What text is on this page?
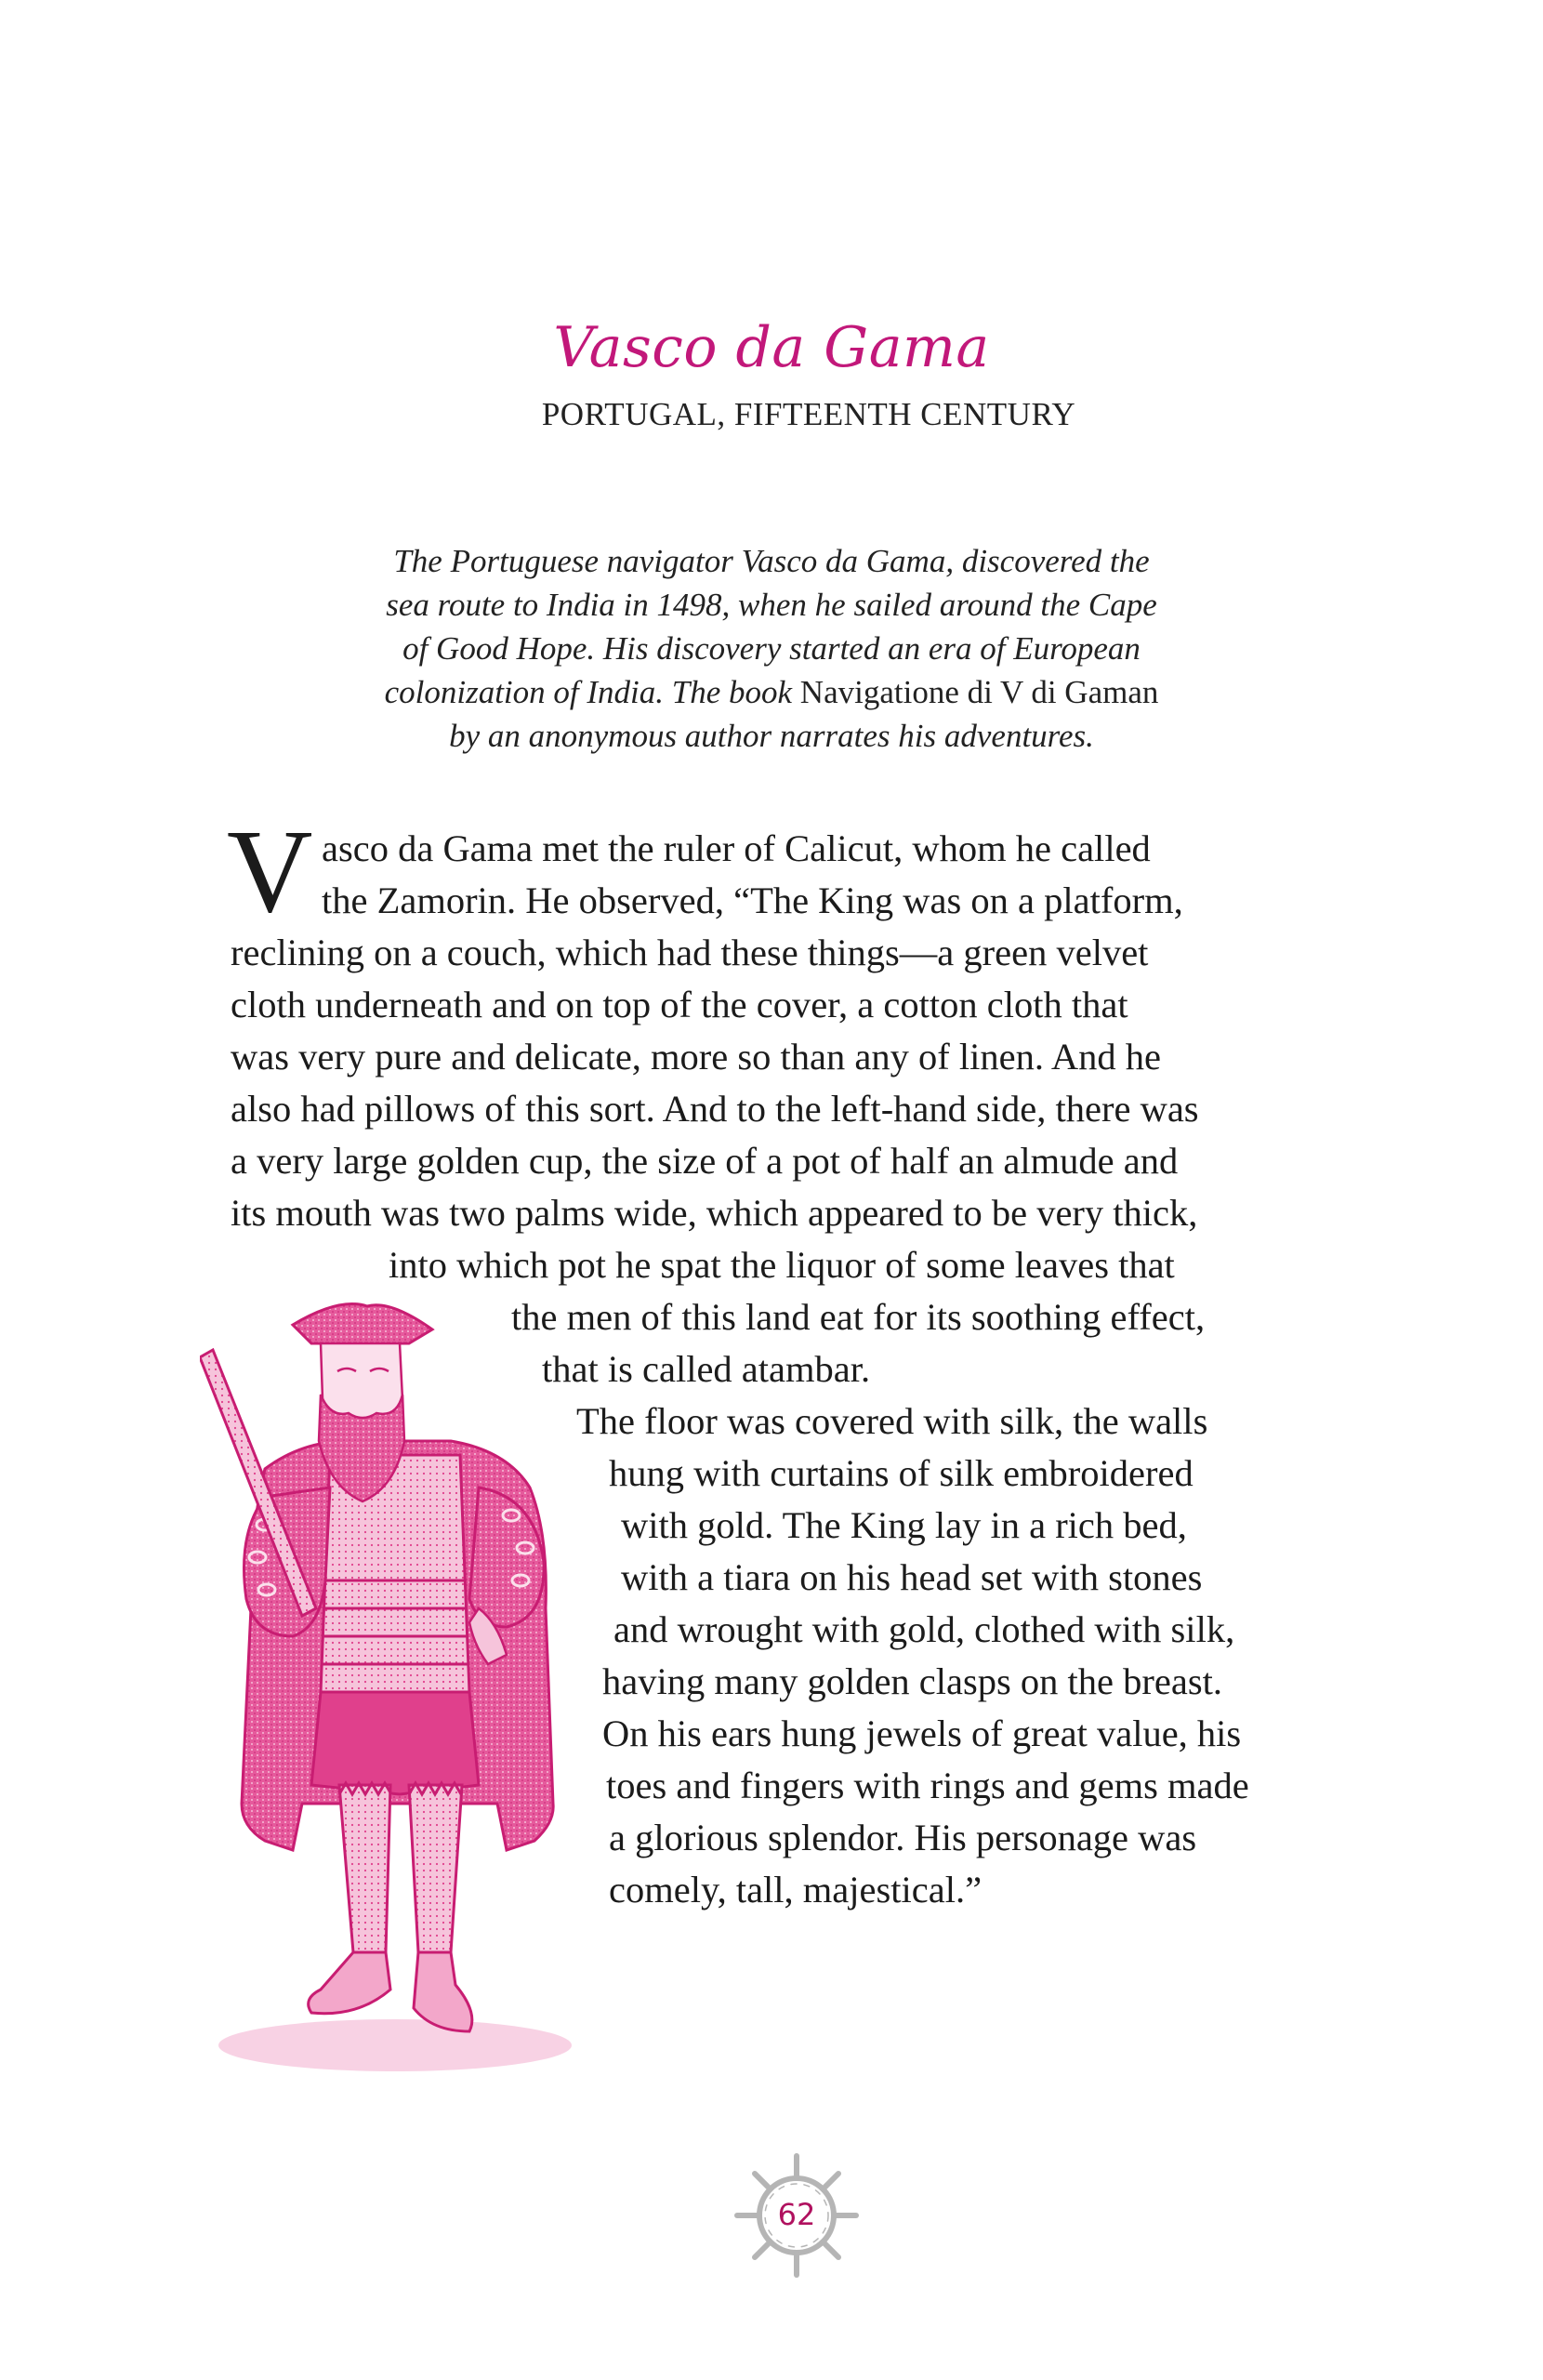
Vasco da Gama
PORTUGAL, FIFTEENTH CENTURY
The Portuguese navigator Vasco da Gama, discovered the
sea route to India in 1498, when he sailed around the Cape
of Good Hope. His discovery started an era of European
colonization of India. The book Navigatione di V di Gaman
by an anonymous author narrates his adventures.
V asco da Gama met the ruler of Calicut, whom he called
the Zamorin. He observed, “The King was on a platform,
reclining on a couch, which had these things—a green velvet
cloth underneath and on top of the cover, a cotton cloth that
was very pure and delicate, more so than any of linen. And he
also had pillows of this sort. And to the left-hand side, there was
a very large golden cup, the size of a pot of half an almude and
its mouth was two palms wide, which appeared to be very thick,
into which pot he spat the liquor of some leaves that
the men of this land eat for its soothing effect,
that is called atambar.
The floor was covered with silk, the walls
hung with curtains of silk embroidered
with gold. The King lay in a rich bed,
with a tiara on his head set with stones
and wrought with gold, clothed with silk,
having many golden clasps on the breast.
On his ears hung jewels of great value, his
toes and fingers with rings and gems made
a glorious splendor. His personage was
comely, tall, majestical.”
62
